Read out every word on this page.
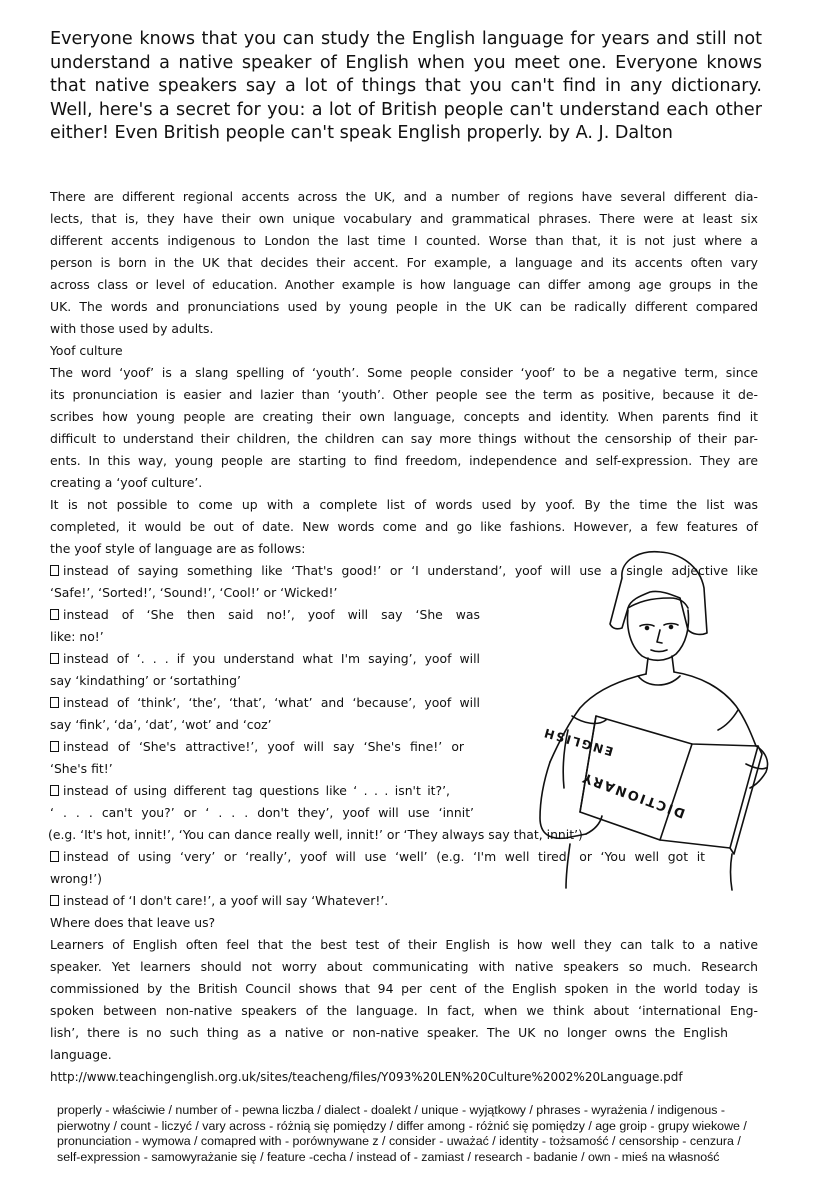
Everyone knows that you can study the English language for years and still not understand a native speaker of English when you meet one. Everyone knows that native speakers say a lot of things that you can't find in any dictionary. Well, here's a secret for you: a lot of British people can't understand each other either! Even British people can't speak English properly. by A. J. Dalton

ENGLISH
DICTIONARY

There are different regional accents across the UK, and a number of regions have several different dia-
lects, that is, they have their own unique vocabulary and grammatical phrases. There were at least six
different accents indigenous to London the last time I counted. Worse than that, it is not just where a
person is born in the UK that decides their accent. For example, a language and its accents often vary
across class or level of education. Another example is how language can differ among age groups in the
UK. The words and pronunciations used by young people in the UK can be radically different compared
with those used by adults.

Yoof culture

The word ‘yoof’ is a slang spelling of ‘youth’. Some people consider ‘yoof’ to be a negative term, since
its pronunciation is easier and lazier than ‘youth’. Other people see the term as positive, because it de-
scribes how young people are creating their own language, concepts and identity. When parents find it
difficult to understand their children, the children can say more things without the censorship of their par-
ents. In this way, young people are starting to find freedom, independence and self-expression. They are
creating a ‘yoof culture’.

It is not possible to come up with a complete list of words used by yoof. By the time the list was
completed, it would be out of date. New words come and go like fashions. However, a few features of
the yoof style of language are as follows:

instead of saying something like ‘That's good!’ or ‘I understand’, yoof will use a single adjective like
‘Safe!’, ‘Sorted!’, ‘Sound!’, ‘Cool!’ or ‘Wicked!’

instead of ‘She then said no!’, yoof will say ‘She was
like: no!’

instead of ‘. . . if you understand what I'm saying’, yoof will
say ‘kindathing’ or ‘sortathing’

instead of ‘think’, ‘the’, ‘that’, ‘what’ and ‘because’, yoof will
say ‘fink’, ‘da’, ‘dat’, ‘wot’ and ‘coz’

instead of ‘She's attractive!’, yoof will say ‘She's fine!’ or
‘She's fit!’

instead of using different tag questions like ‘ . . . isn't it?’,
‘ . . . can't you?’ or ‘ . . . don't they’, yoof will use ‘innit’
(e.g. ‘It's hot, innit!’, ‘You can dance really well, innit!’ or ‘They always say that, innit’)

instead of using ‘very’ or ‘really’, yoof will use ‘well’ (e.g. ‘I'm well tired’ or ‘You well got it
wrong!’)

instead of ‘I don't care!’, a yoof will say ‘Whatever!’.

Where does that leave us?

Learners of English often feel that the best test of their English is how well they can talk to a native
speaker. Yet learners should not worry about communicating with native speakers so much. Research
commissioned by the British Council shows that 94 per cent of the English spoken in the world today is
spoken between non-native speakers of the language. In fact, when we think about ‘international Eng-
lish’, there is no such thing as a native or non-native speaker. The UK no longer owns the English
language.

http://www.teachingenglish.org.uk/sites/teacheng/files/Y093%20LEN%20Culture%2002%20Language.pdf

properly - właściwie / number of - pewna liczba / dialect - doalekt / unique - wyjątkowy / phrases - wyrażenia / indigenous - pierwotny / count - liczyć / vary across - różnią się pomiędzy / differ among - różnić się pomiędzy / age groip - grupy wiekowe / pronunciation - wymowa / comapred with - porównywane z / consider - uważać / identity - tożsamość / censorship - cenzura / self-expression - samowyrażanie się / feature -cecha / instead of - zamiast / research - badanie / own - mieś na własność
